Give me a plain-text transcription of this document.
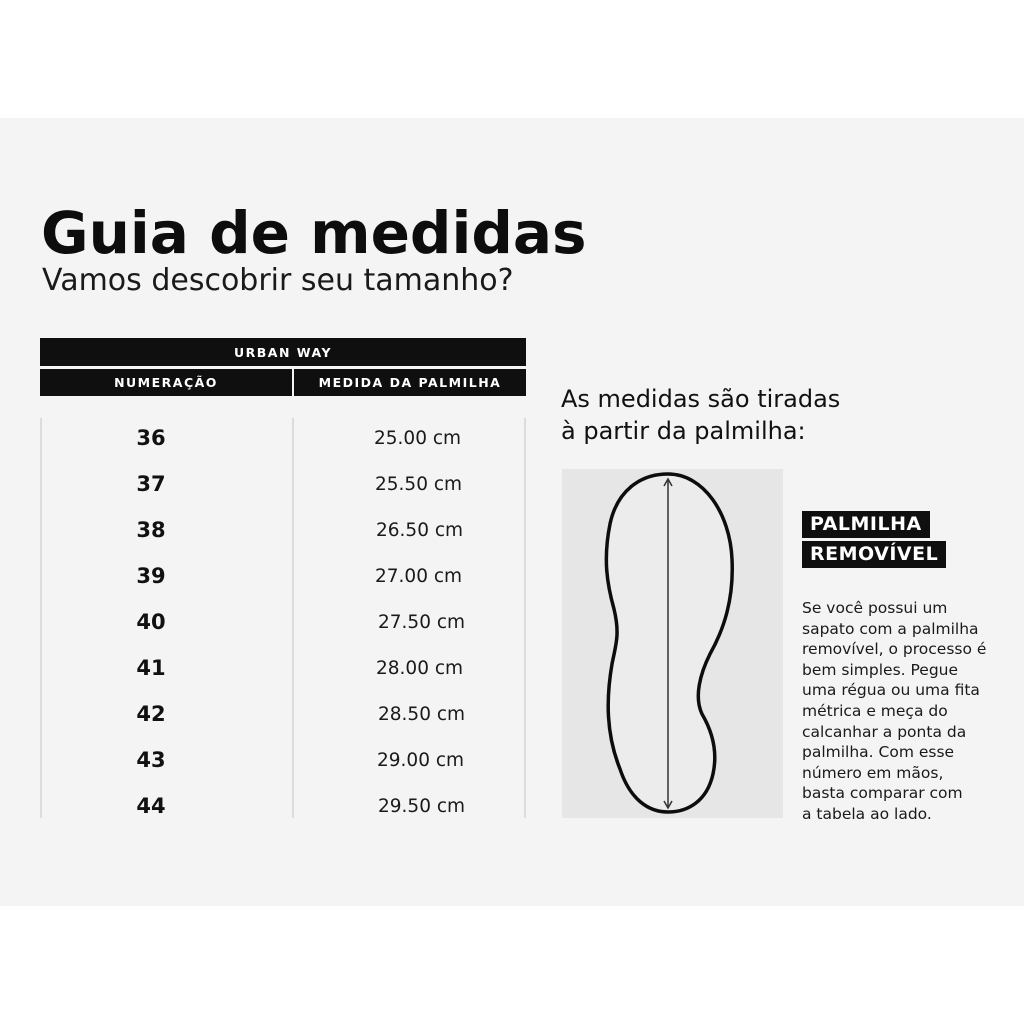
Guia de medidas
Vamos descobrir seu tamanho?
URBAN WAY
NUMERAÇÃO	MEDIDA DA PALMILHA
36	25.00 cm
37	25.50 cm
38	26.50 cm
39	27.00 cm
40	27.50 cm
41	28.00 cm
42	28.50 cm
43	29.00 cm
44	29.50 cm
As medidas são tiradas
à partir da palmilha:
PALMILHA
REMOVÍVEL
Se você possui um
sapato com a palmilha
removível, o processo é
bem simples. Pegue
uma régua ou uma fita
métrica e meça do
calcanhar a ponta da
palmilha. Com esse
número em mãos,
basta comparar com
a tabela ao lado.
